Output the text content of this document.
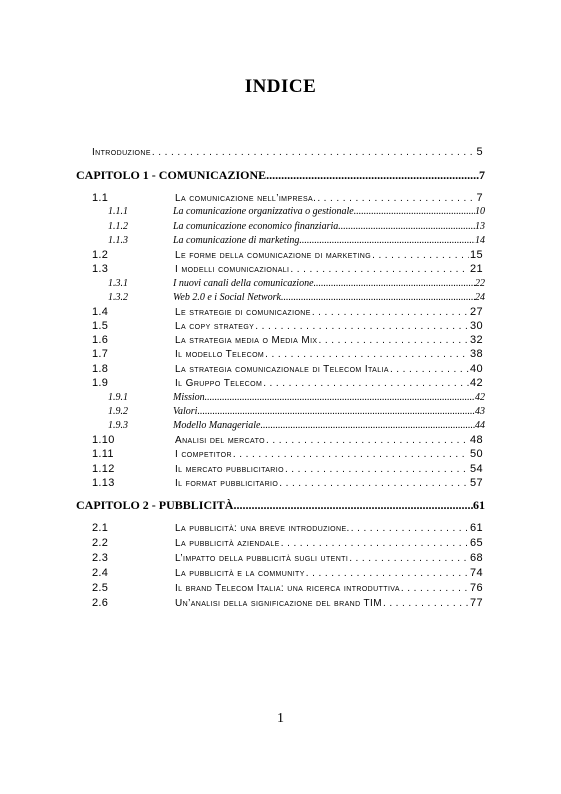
INDICE
Introduzione . . .	5
CAPITOLO 1 - COMUNICAZIONE .....	7
1.1	La comunicazione nell’impresa. . . .	7
1.1.1	La comunicazione organizzativa o gestionale .....	10
1.1.2	La comunicazione economico finanziaria .....	13
1.1.3	La comunicazione di marketing .....	14
1.2	Le forme della comunicazione di marketing . . .	15
1.3	I modelli comunicazionali . . .	21
1.3.1	I nuovi canali della comunicazione .....	22
1.3.2	Web 2.0 e i Social Network .....	24
1.4	Le strategie di comunicazione . . .	27
1.5	La copy strategy . . .	30
1.6	La strategia media o Media Mix . . .	32
1.7	Il modello Telecom . . .	38
1.8	La strategia comunicazionale di Telecom Italia . . .	40
1.9	Il Gruppo Telecom . . .	42
1.9.1	Mission .....	42
1.9.2	Valori .....	43
1.9.3	Modello Manageriale .....	44
1.10	Analisi del mercato . . .	48
1.11	I competitor . . .	50
1.12	Il mercato pubblicitario . . .	54
1.13	Il format pubblicitario . . .	57
CAPITOLO 2 - PUBBLICITÀ .....	61
2.1	La pubblicità: una breve introduzione. . . .	61
2.2	La pubblicità aziendale . . .	65
2.3	L’impatto della pubblicità sugli utenti . . .	68
2.4	La pubblicità e la community . . .	74
2.5	Il brand Telecom Italia: una ricerca introduttiva . . .	76
2.6	Un’analisi della significazione del brand TIM . . .	77
1
